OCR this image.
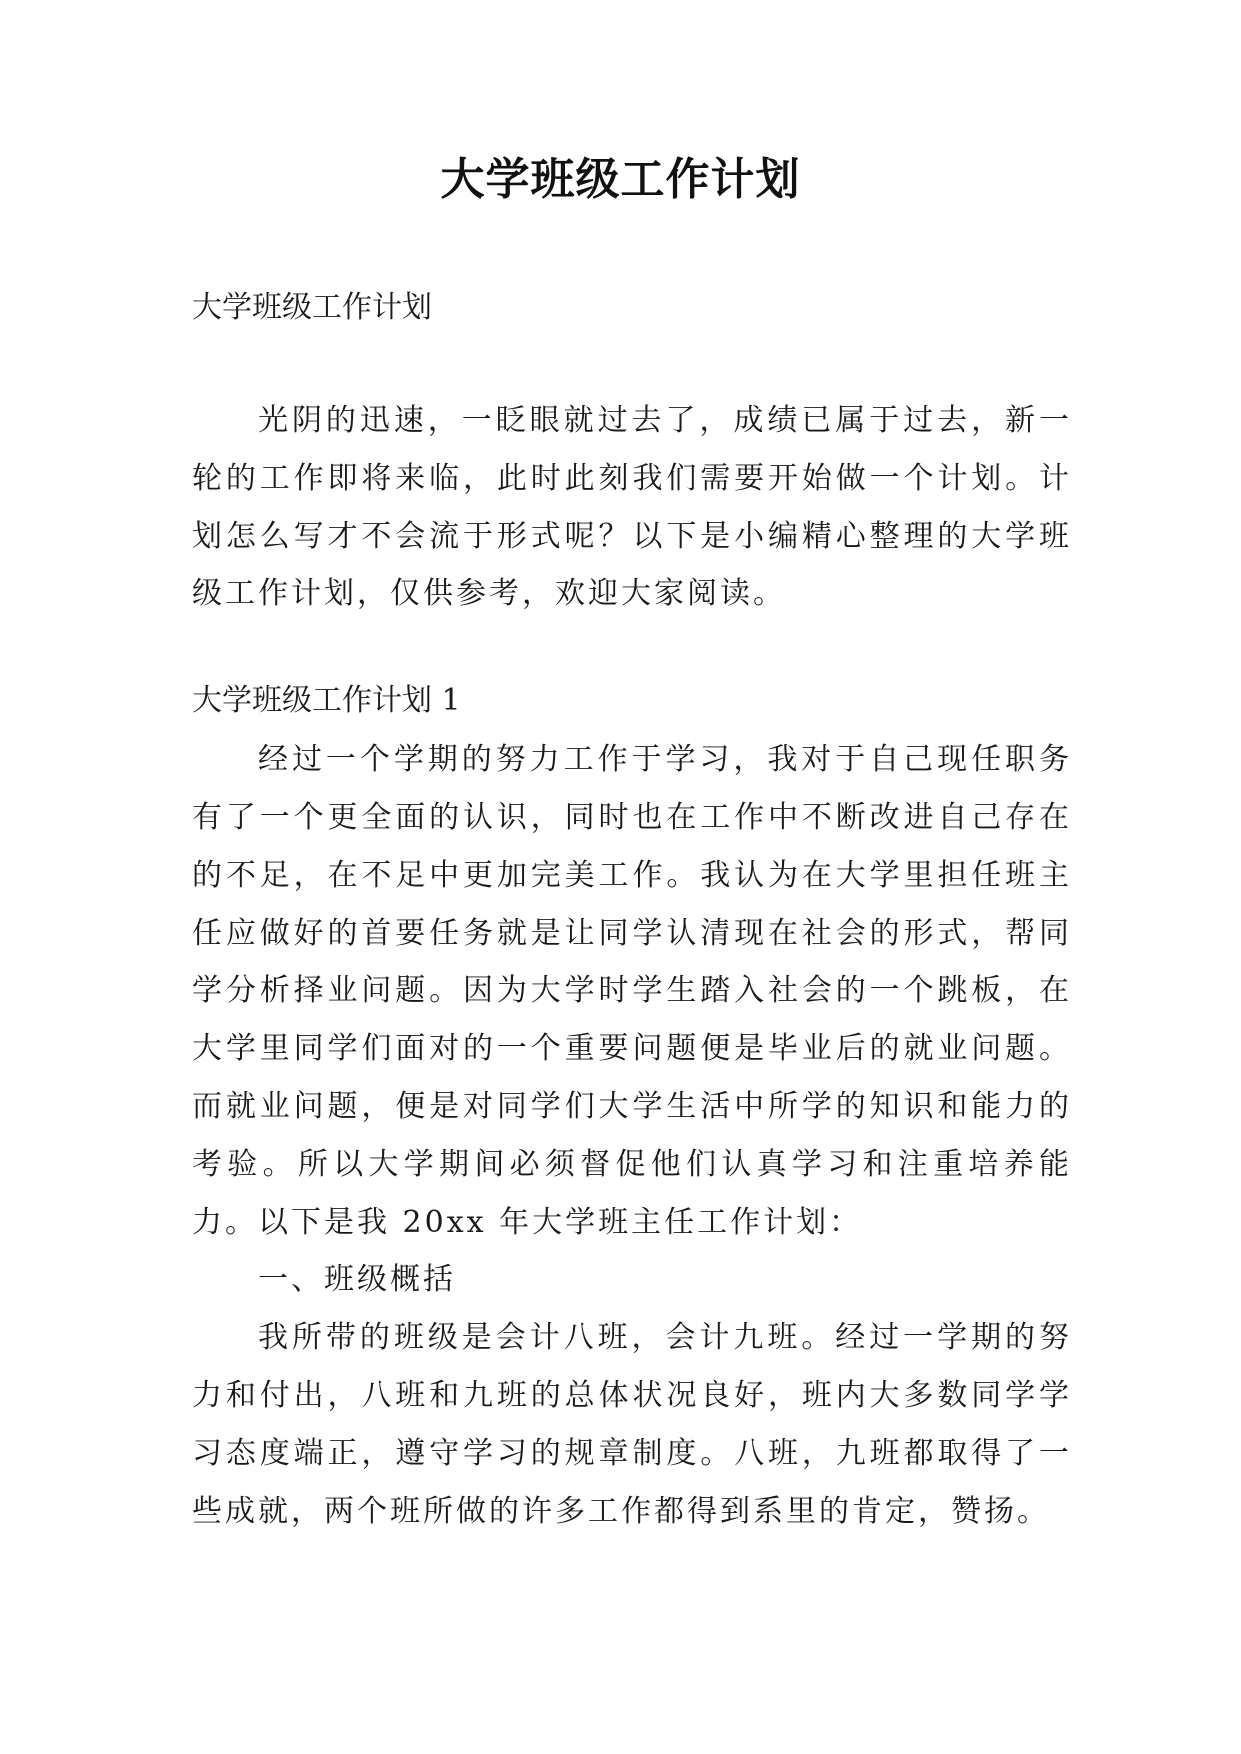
大学班级工作计划

大学班级工作计划

光阴的迅速，一眨眼就过去了，成绩已属于过去，新一轮的工作即将来临，此时此刻我们需要开始做一个计划。计划怎么写才不会流于形式呢？以下是小编精心整理的大学班级工作计划，仅供参考，欢迎大家阅读。

大学班级工作计划 1

经过一个学期的努力工作于学习，我对于自己现任职务有了一个更全面的认识，同时也在工作中不断改进自己存在的不足，在不足中更加完美工作。我认为在大学里担任班主任应做好的首要任务就是让同学认清现在社会的形式，帮同学分析择业问题。因为大学时学生踏入社会的一个跳板，在大学里同学们面对的一个重要问题便是毕业后的就业问题。而就业问题，便是对同学们大学生活中所学的知识和能力的考验。所以大学期间必须督促他们认真学习和注重培养能力。以下是我 20xx 年大学班主任工作计划：

一、班级概括

我所带的班级是会计八班，会计九班。经过一学期的努力和付出，八班和九班的总体状况良好，班内大多数同学学习态度端正，遵守学习的规章制度。八班，九班都取得了一些成就，两个班所做的许多工作都得到系里的肯定，赞扬。
